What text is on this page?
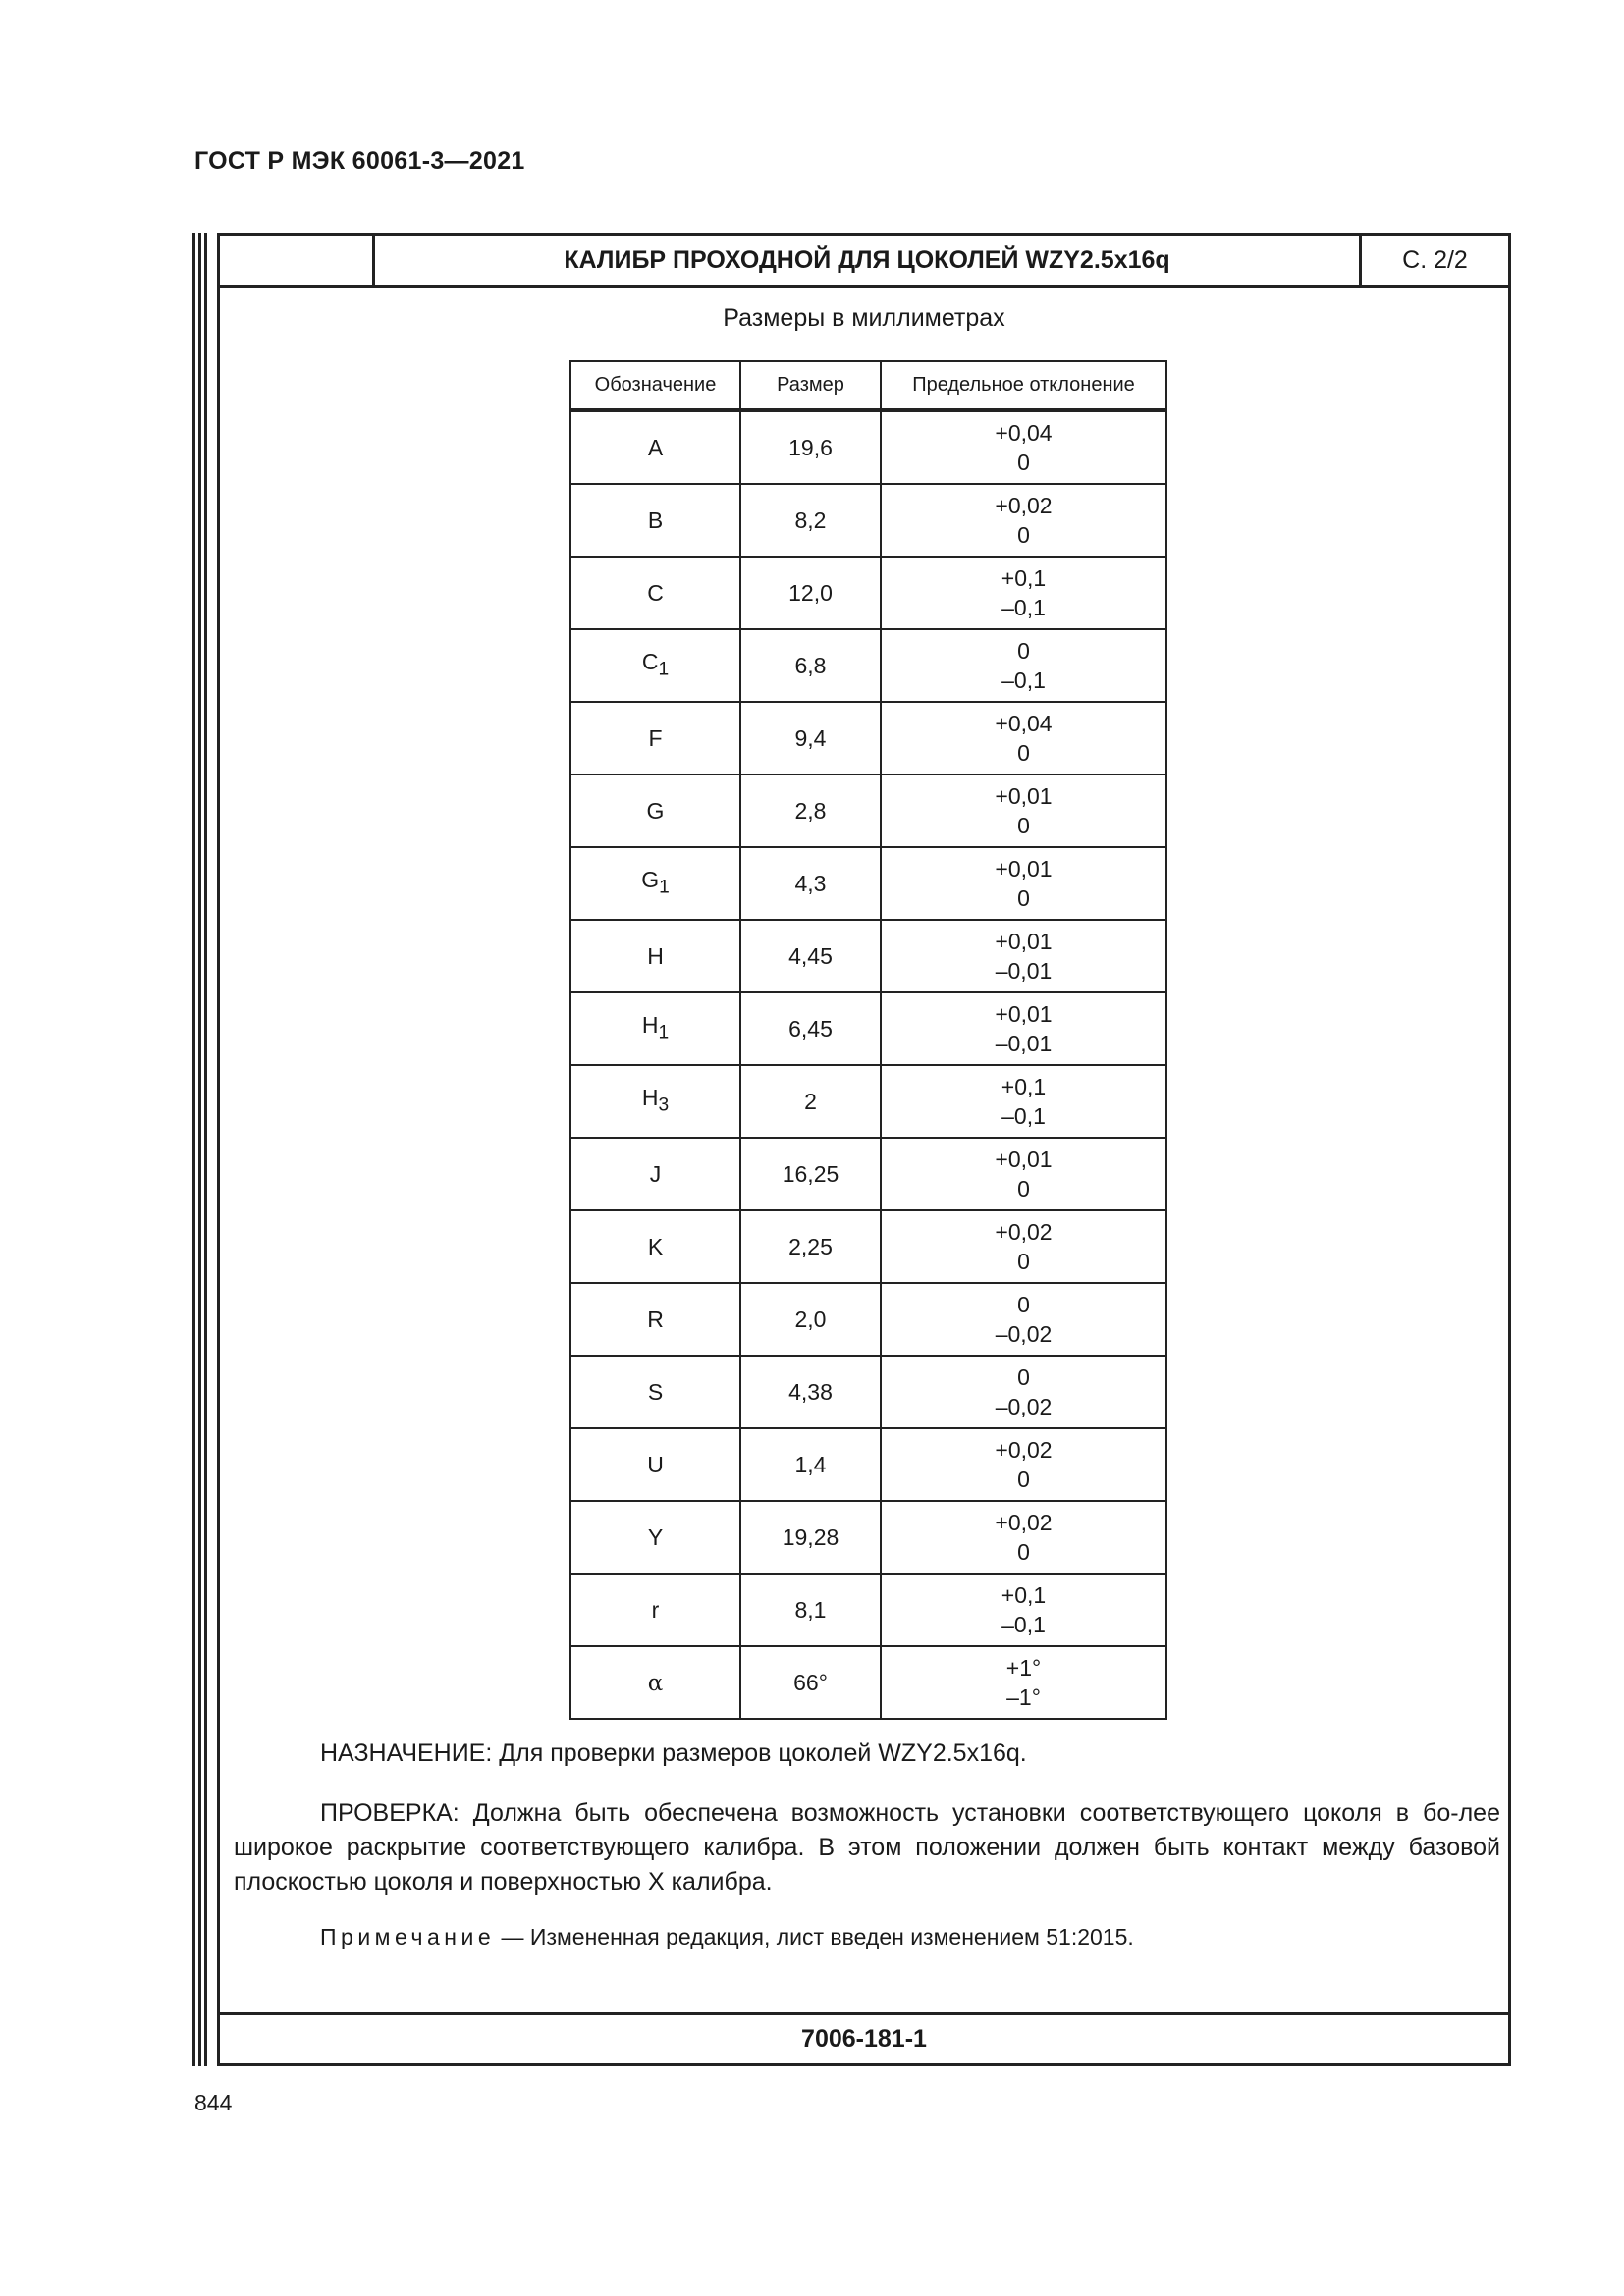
ГОСТ Р МЭК 60061-3—2021
КАЛИБР ПРОХОДНОЙ ДЛЯ ЦОКОЛЕЙ WZY2.5x16q	С. 2/2
Размеры в миллиметрах
Обозначение	Размер	Предельное отклонение
A	19,6	+0,04
0

B	8,2	+0,02
0

C	12,0	+0,1
–0,1

$C_1$	6,8	0
–0,1

F	9,4	+0,04
0

G	2,8	+0,01
0

$G_1$	4,3	+0,01
0

H	4,45	+0,01
–0,01

$H_1$	6,45	+0,01
–0,01

$H_3$	2	+0,1
–0,1

J	16,25	+0,01
0

K	2,25	+0,02
0

R	2,0	0
–0,02

S	4,38	0
–0,02

U	1,4	+0,02
0

Y	19,28	+0,02
0

r	8,1	+0,1
–0,1

α	66°	+1°
–1°

НАЗНАЧЕНИЕ: Для проверки размеров цоколей WZY2.5x16q.

ПРОВЕРКА: Должна быть обеспечена возможность установки соответствующего цоколя в бо-лее широкое раскрытие соответствующего калибра. В этом положении должен быть контакт между базовой плоскостью цоколя и поверхностью X калибра.

Примечание — Измененная редакция, лист введен изменением 51:2015.

7006-181-1
844
